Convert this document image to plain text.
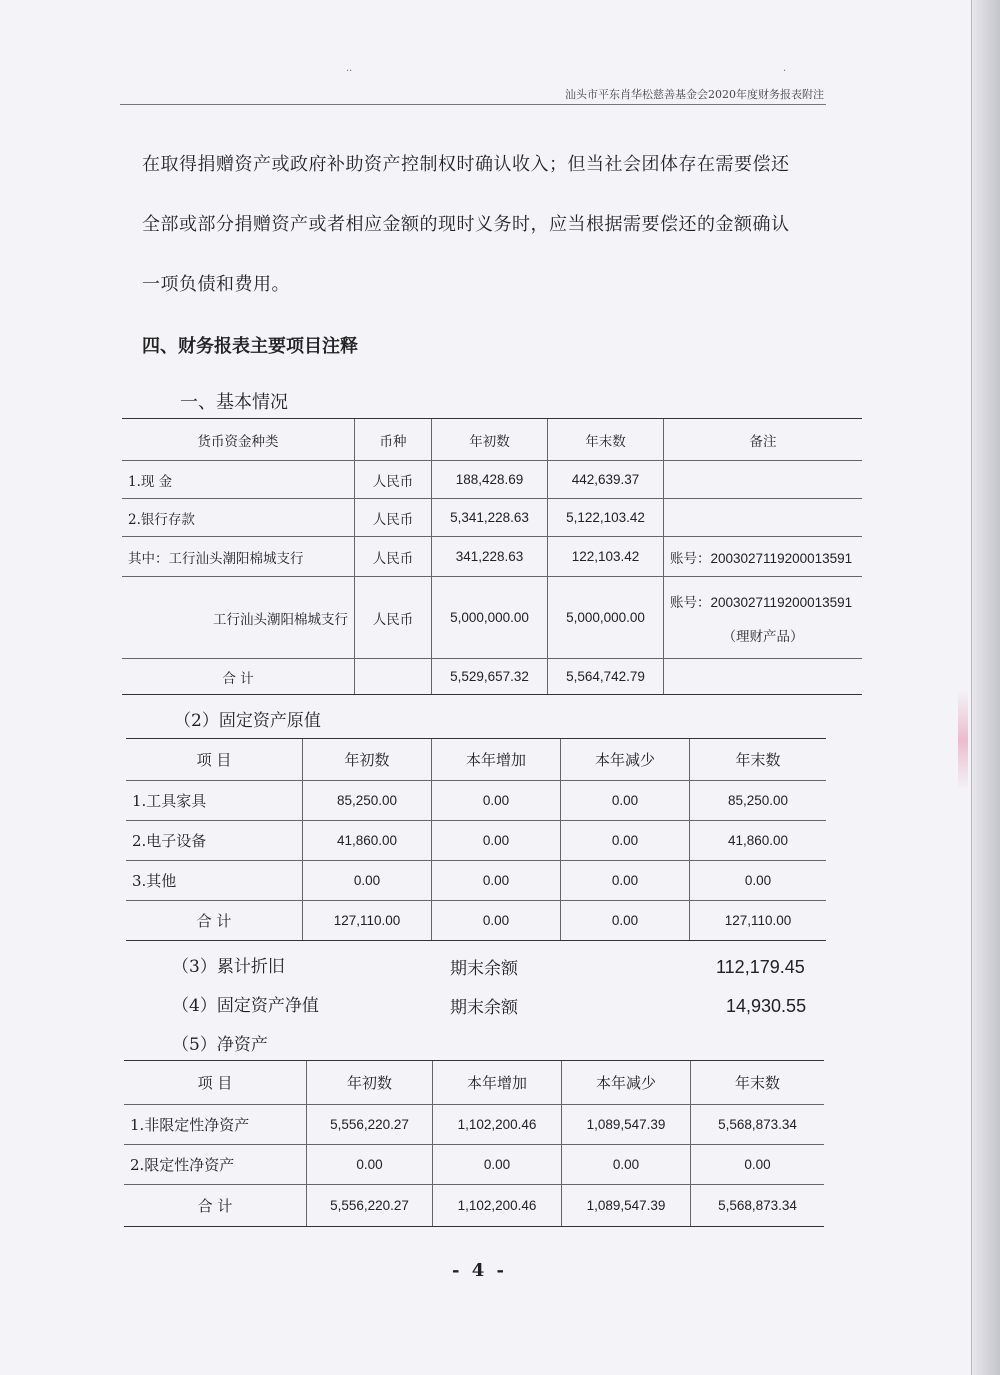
··	·
汕头市平东肖华松慈善基金会2020年度财务报表附注
在取得捐赠资产或政府补助资产控制权时确认收入；但当社会团体存在需要偿还
全部或部分捐赠资产或者相应金额的现时义务时，应当根据需要偿还的金额确认
一项负债和费用。
四、财务报表主要项目注释
一、基本情况
货币资金种类	币种	年初数	年末数	备注
1.现 金	人民币	188,428.69	442,639.37	
2.银行存款	人民币	5,341,228.63	5,122,103.42	
其中：工行汕头潮阳棉城支行	人民币	341,228.63	122,103.42	账号：2003027119200013591
工行汕头潮阳棉城支行	人民币	5,000,000.00	5,000,000.00	账号：2003027119200013591
（理财产品）

合 计		5,529,657.32	5,564,742.79	
（2）固定资产原值
项 目	年初数	本年增加	本年减少	年末数
1.工具家具	85,250.00	0.00	0.00	85,250.00
2.电子设备	41,860.00	0.00	0.00	41,860.00
3.其他	0.00	0.00	0.00	0.00
合 计	127,110.00	0.00	0.00	127,110.00
（3）累计折旧	期末余额	112,179.45
（4）固定资产净值	期末余额	14,930.55
（5）净资产
项 目	年初数	本年增加	本年减少	年末数
1.非限定性净资产	5,556,220.27	1,102,200.46	1,089,547.39	5,568,873.34
2.限定性净资产	0.00	0.00	0.00	0.00
合 计	5,556,220.27	1,102,200.46	1,089,547.39	5,568,873.34
- 4 -
